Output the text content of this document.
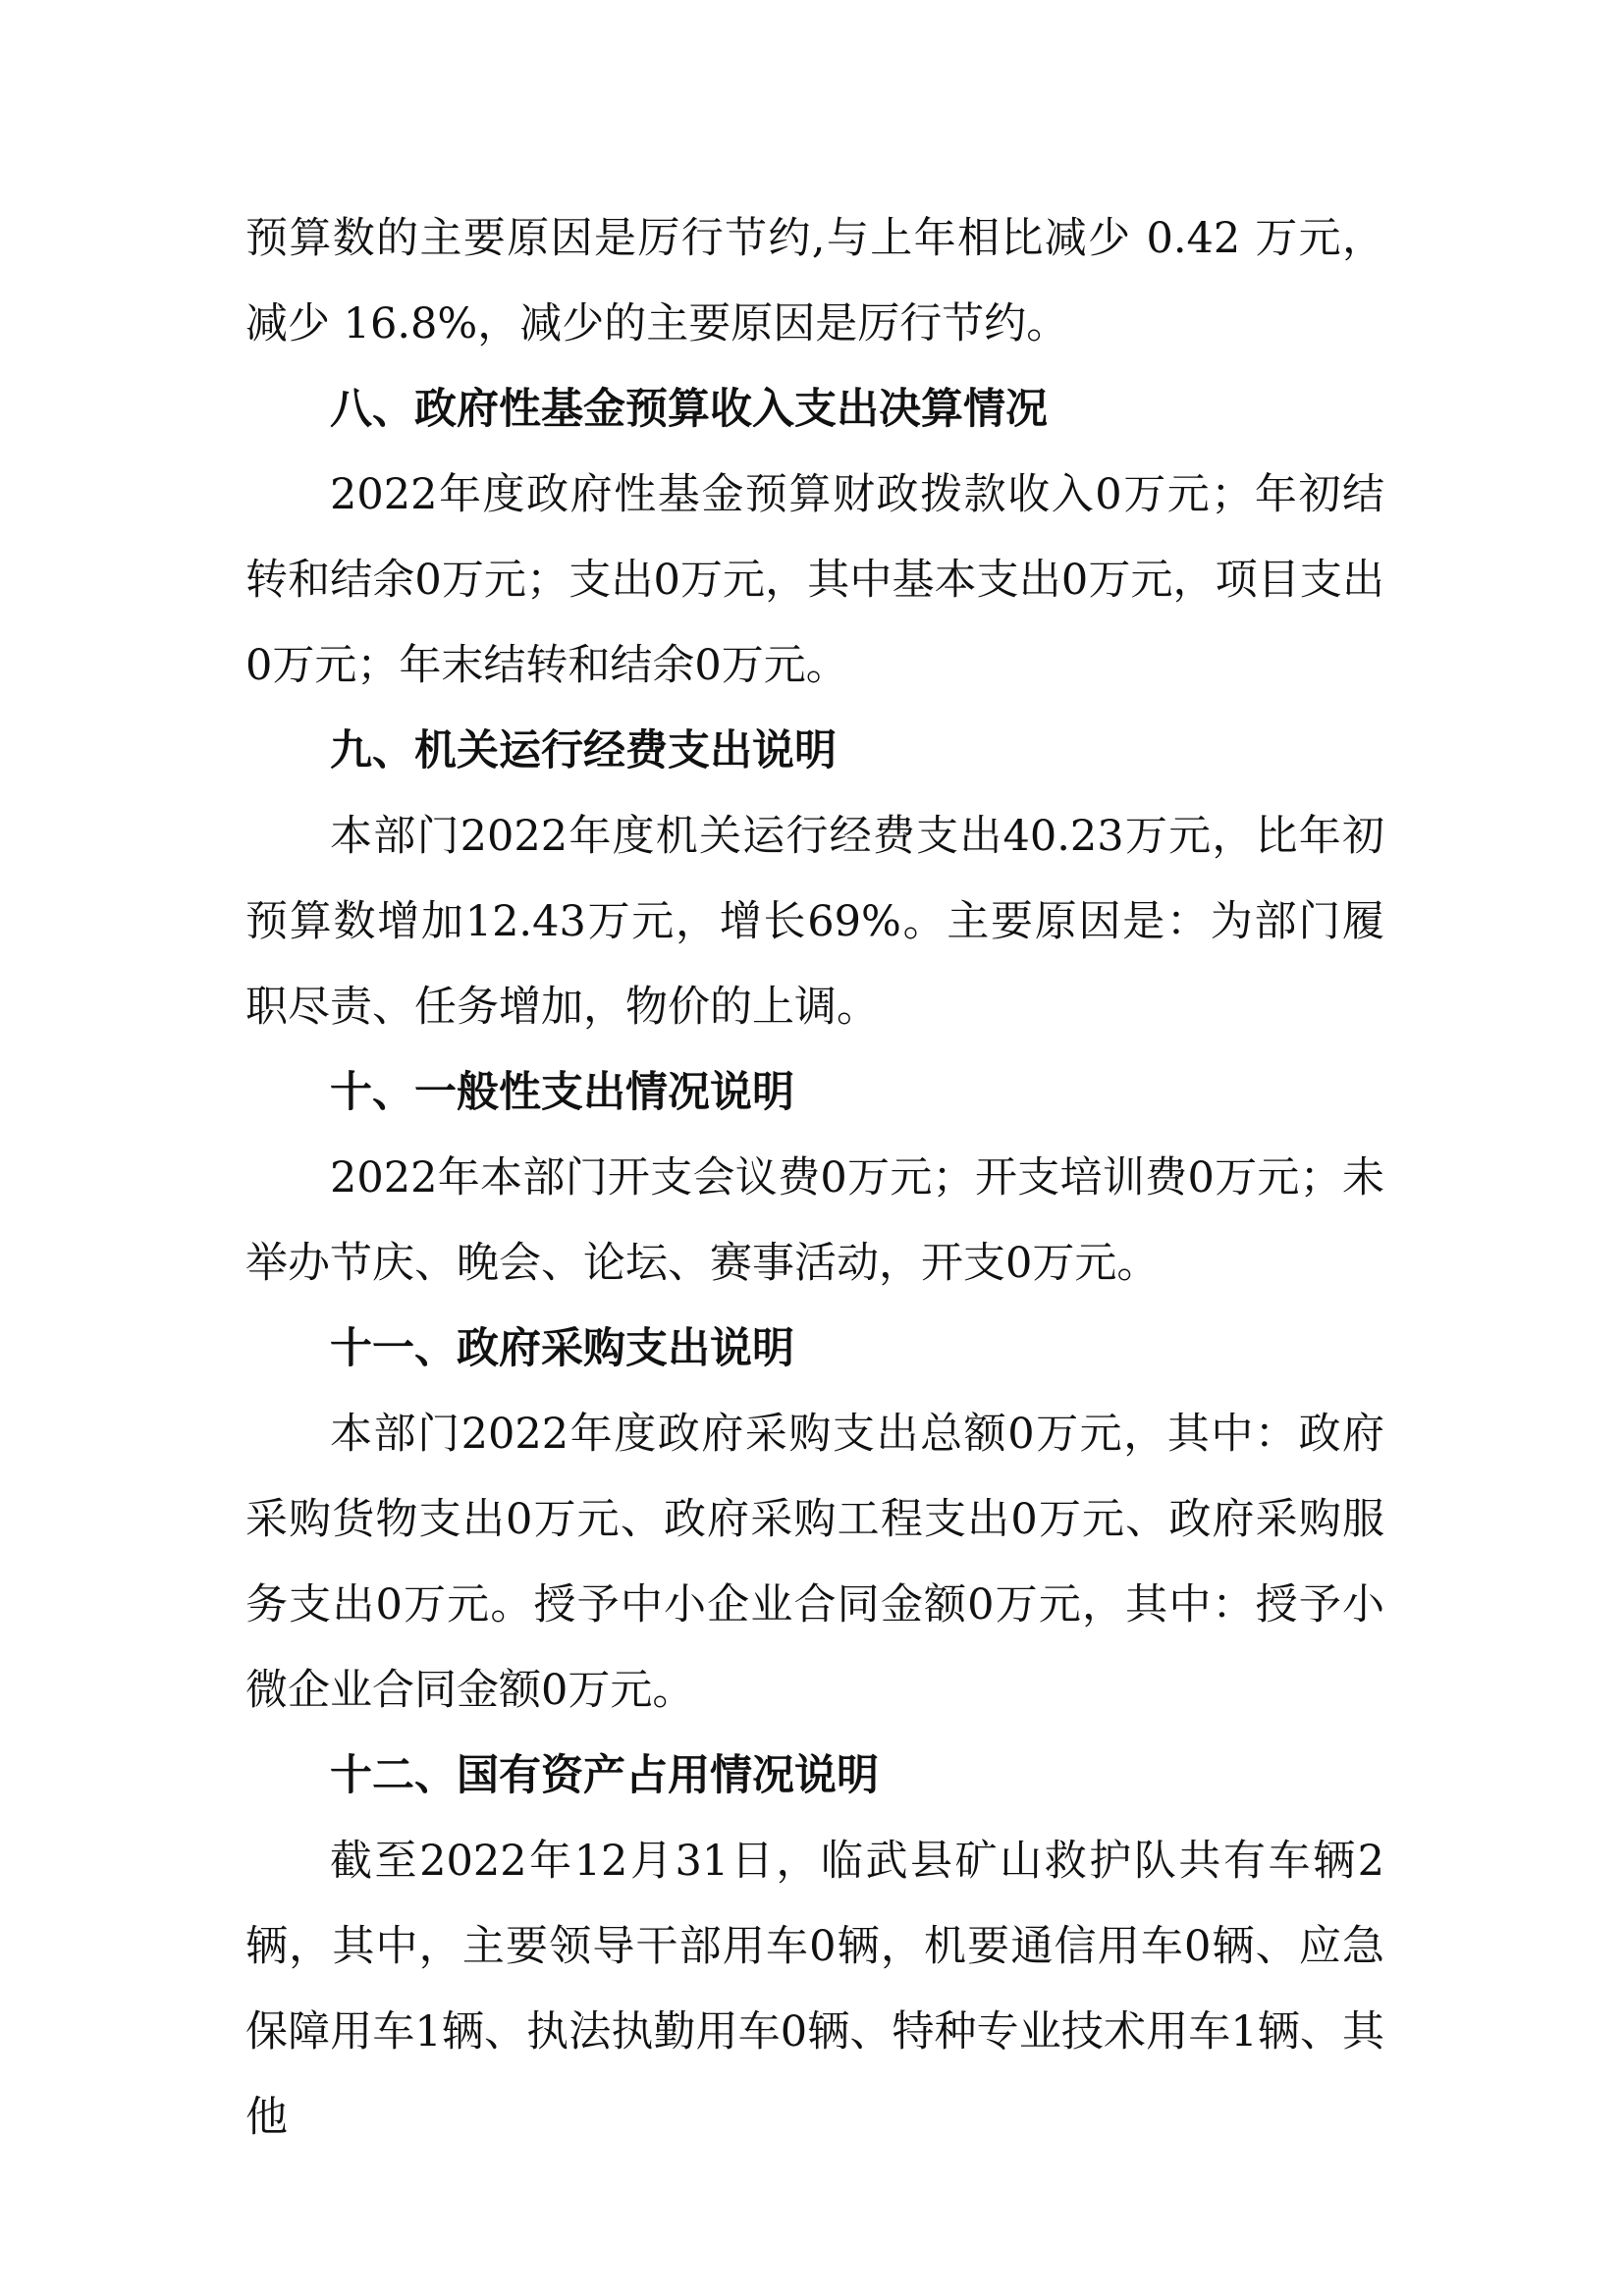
预算数的主要原因是厉行节约,与上年相比减少 0.42 万元，减少 16.8%，减少的主要原因是厉行节约。

八、政府性基金预算收入支出决算情况

2022年度政府性基金预算财政拨款收入0万元；年初结转和结余0万元；支出0万元，其中基本支出0万元，项目支出0万元；年末结转和结余0万元。

九、机关运行经费支出说明

本部门2022年度机关运行经费支出40.23万元，比年初预算数增加12.43万元，增长69%。主要原因是：为部门履职尽责、任务增加，物价的上调。

十、一般性支出情况说明

2022年本部门开支会议费0万元；开支培训费0万元；未举办节庆、晚会、论坛、赛事活动，开支0万元。

十一、政府采购支出说明

本部门2022年度政府采购支出总额0万元，其中：政府采购货物支出0万元、政府采购工程支出0万元、政府采购服务支出0万元。授予中小企业合同金额0万元，其中：授予小微企业合同金额0万元。

十二、国有资产占用情况说明

截至2022年12月31日，临武县矿山救护队共有车辆2辆，其中，主要领导干部用车0辆，机要通信用车0辆、应急保障用车1辆、执法执勤用车0辆、特种专业技术用车1辆、其他
